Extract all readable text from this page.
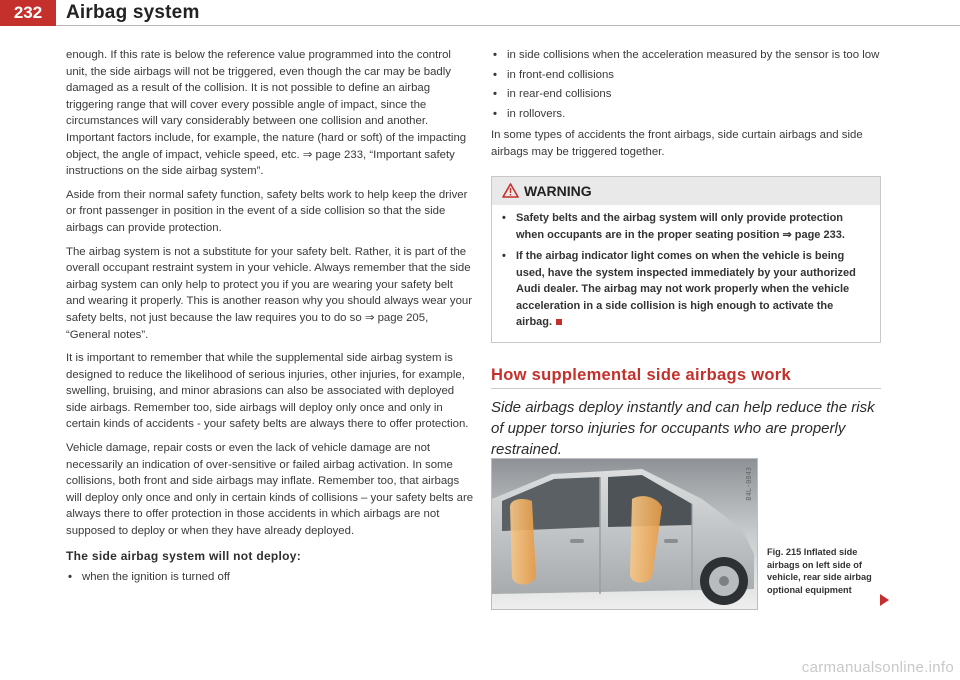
232	Airbag system

enough. If this rate is below the reference value programmed into the control unit, the side airbags will not be triggered, even though the car may be badly damaged as a result of the collision. It is not possible to define an airbag triggering range that will cover every possible angle of impact, since the circumstances will vary considerably between one collision and another. Important factors include, for example, the nature (hard or soft) of the impacting object, the angle of impact, vehicle speed, etc. ⇒ page 233, “Important safety instructions on the side airbag system”.

Aside from their normal safety function, safety belts work to help keep the driver or front passenger in position in the event of a side collision so that the side airbags can provide protection.

The airbag system is not a substitute for your safety belt. Rather, it is part of the overall occupant restraint system in your vehicle. Always remember that the side airbag system can only help to protect you if you are wearing your safety belt and wearing it properly. This is another reason why you should always wear your safety belts, not just because the law requires you to do so ⇒ page 205, “General notes”.

It is important to remember that while the supplemental side airbag system is designed to reduce the likelihood of serious injuries, other injuries, for example, swelling, bruising, and minor abrasions can also be associated with deployed side airbags. Remember too, side airbags will deploy only once and only in certain kinds of accidents - your safety belts are always there to offer protection.

Vehicle damage, repair costs or even the lack of vehicle damage are not necessarily an indication of over-sensitive or failed airbag activation. In some collisions, both front and side airbags may inflate. Remember too, that airbags will deploy only once and only in certain kinds of collisions – your safety belts are always there to offer protection in those accidents in which airbags are not supposed to deploy or when they have already deployed.

The side airbag system will not deploy:
• when the ignition is turned off
• in side collisions when the acceleration measured by the sensor is too low
• in front-end collisions
• in rear-end collisions
• in rollovers.

In some types of accidents the front airbags, side curtain airbags and side airbags may be triggered together.

WARNING
• Safety belts and the airbag system will only provide protection when occupants are in the proper seating position ⇒ page 233.
• If the airbag indicator light comes on when the vehicle is being used, have the system inspected immediately by your authorized Audi dealer. The airbag may not work properly when the vehicle acceleration in a side collision is high enough to activate the airbag.
How supplemental side airbags work
Side airbags deploy instantly and can help reduce the risk of upper torso injuries for occupants who are properly restrained.
B4L-0843
Fig. 215 Inflated side airbags on left side of vehicle, rear side airbag optional equipment
carmanualsonline.info
